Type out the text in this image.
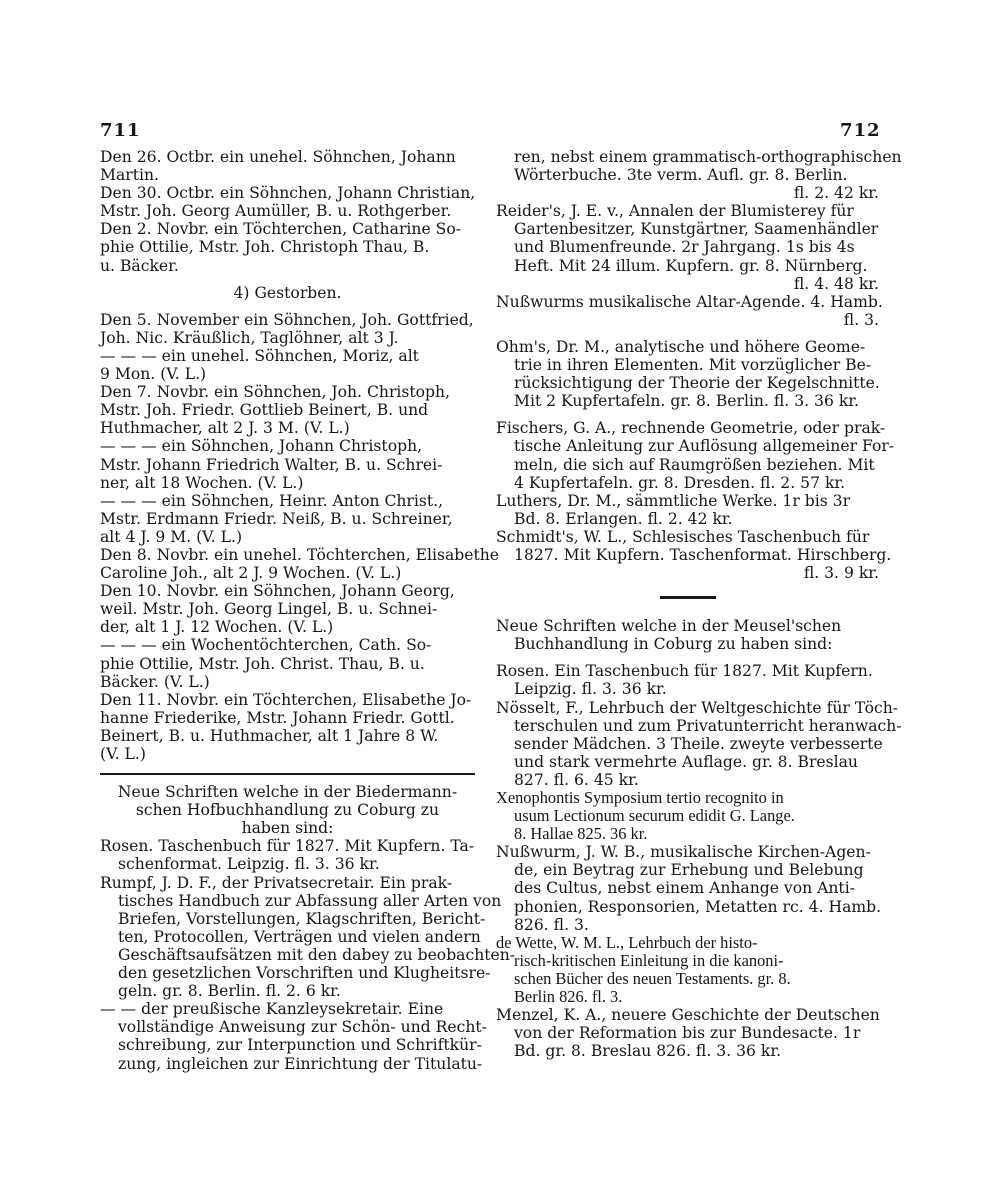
711	712
Den 26. Octbr. ein unehel. Söhnchen, Johann
Martin.
Den 30. Octbr. ein Söhnchen, Johann Christian,
Mstr. Joh. Georg Aumüller, B. u. Rothgerber.
Den 2. Novbr. ein Töchterchen, Catharine So-
phie Ottilie, Mstr. Joh. Christoph Thau, B.
u. Bäcker.
4) Gestorben.
Den 5. November ein Söhnchen, Joh. Gottfried,
Joh. Nic. Kräußlich, Taglöhner, alt 3 J.
— — — ein unehel. Söhnchen, Moriz, alt
9 Mon. (V. L.)
Den 7. Novbr. ein Söhnchen, Joh. Christoph,
Mstr. Joh. Friedr. Gottlieb Beinert, B. und
Huthmacher, alt 2 J. 3 M. (V. L.)
— — — ein Söhnchen, Johann Christoph,
Mstr. Johann Friedrich Walter, B. u. Schrei-
ner, alt 18 Wochen. (V. L.)
— — — ein Söhnchen, Heinr. Anton Christ.,
Mstr. Erdmann Friedr. Neiß, B. u. Schreiner,
alt 4 J. 9 M. (V. L.)
Den 8. Novbr. ein unehel. Töchterchen, Elisabethe
Caroline Joh., alt 2 J. 9 Wochen. (V. L.)
Den 10. Novbr. ein Söhnchen, Johann Georg,
weil. Mstr. Joh. Georg Lingel, B. u. Schnei-
der, alt 1 J. 12 Wochen. (V. L.)
— — — ein Wochentöchterchen, Cath. So-
phie Ottilie, Mstr. Joh. Christ. Thau, B. u.
Bäcker. (V. L.)
Den 11. Novbr. ein Töchterchen, Elisabethe Jo-
hanne Friederike, Mstr. Johann Friedr. Gottl.
Beinert, B. u. Huthmacher, alt 1 Jahre 8 W.
(V. L.)
Neue Schriften welche in der Biedermann-
schen Hofbuchhandlung zu Coburg zu
haben sind:
Rosen. Taschenbuch für 1827. Mit Kupfern. Ta-
schenformat. Leipzig. fl. 3. 36 kr.
Rumpf, J. D. F., der Privatsecretair. Ein prak-
tisches Handbuch zur Abfassung aller Arten von
Briefen, Vorstellungen, Klagschriften, Bericht-
ten, Protocollen, Verträgen und vielen andern
Geschäftsaufsätzen mit den dabey zu beobachten-
den gesetzlichen Vorschriften und Klugheitsre-
geln. gr. 8. Berlin. fl. 2. 6 kr.
— — der preußische Kanzleysekretair. Eine
vollständige Anweisung zur Schön- und Recht-
schreibung, zur Interpunction und Schriftkür-
zung, ingleichen zur Einrichtung der Titulatu-
ren, nebst einem grammatisch-orthographischen
Wörterbuche. 3te verm. Aufl. gr. 8. Berlin.
fl. 2. 42 kr.
Reider's, J. E. v., Annalen der Blumisterey für
Gartenbesitzer, Kunstgärtner, Saamenhändler
und Blumenfreunde. 2r Jahrgang. 1s bis 4s
Heft. Mit 24 illum. Kupfern. gr. 8. Nürnberg.
fl. 4. 48 kr.
Nußwurms musikalische Altar-Agende. 4. Hamb.
fl. 3.
Ohm's, Dr. M., analytische und höhere Geome-
trie in ihren Elementen. Mit vorzüglicher Be-
rücksichtigung der Theorie der Kegelschnitte.
Mit 2 Kupfertafeln. gr. 8. Berlin. fl. 3. 36 kr.
Fischers, G. A., rechnende Geometrie, oder prak-
tische Anleitung zur Auflösung allgemeiner For-
meln, die sich auf Raumgrößen beziehen. Mit
4 Kupfertafeln. gr. 8. Dresden. fl. 2. 57 kr.
Luthers, Dr. M., sämmtliche Werke. 1r bis 3r
Bd. 8. Erlangen. fl. 2. 42 kr.
Schmidt's, W. L., Schlesisches Taschenbuch für
1827. Mit Kupfern. Taschenformat. Hirschberg.
fl. 3. 9 kr.
Neue Schriften welche in der Meusel'schen
Buchhandlung in Coburg zu haben sind:
Rosen. Ein Taschenbuch für 1827. Mit Kupfern.
Leipzig. fl. 3. 36 kr.
Nösselt, F., Lehrbuch der Weltgeschichte für Töch-
terschulen und zum Privatunterricht heranwach-
sender Mädchen. 3 Theile. zweyte verbesserte
und stark vermehrte Auflage. gr. 8. Breslau
827. fl. 6. 45 kr.
Xenophontis Symposium tertio recognito in
usum Lectionum securum edidit G. Lange.
8. Hallae 825. 36 kr.
Nußwurm, J. W. B., musikalische Kirchen-Agen-
de, ein Beytrag zur Erhebung und Belebung
des Cultus, nebst einem Anhange von Anti-
phonien, Responsorien, Metatten rc. 4. Hamb.
826. fl. 3.
de Wette, W. M. L., Lehrbuch der histo-
risch-kritischen Einleitung in die kanoni-
schen Bücher des neuen Testaments. gr. 8.
Berlin 826. fl. 3.
Menzel, K. A., neuere Geschichte der Deutschen
von der Reformation bis zur Bundesacte. 1r
Bd. gr. 8. Breslau 826. fl. 3. 36 kr.
